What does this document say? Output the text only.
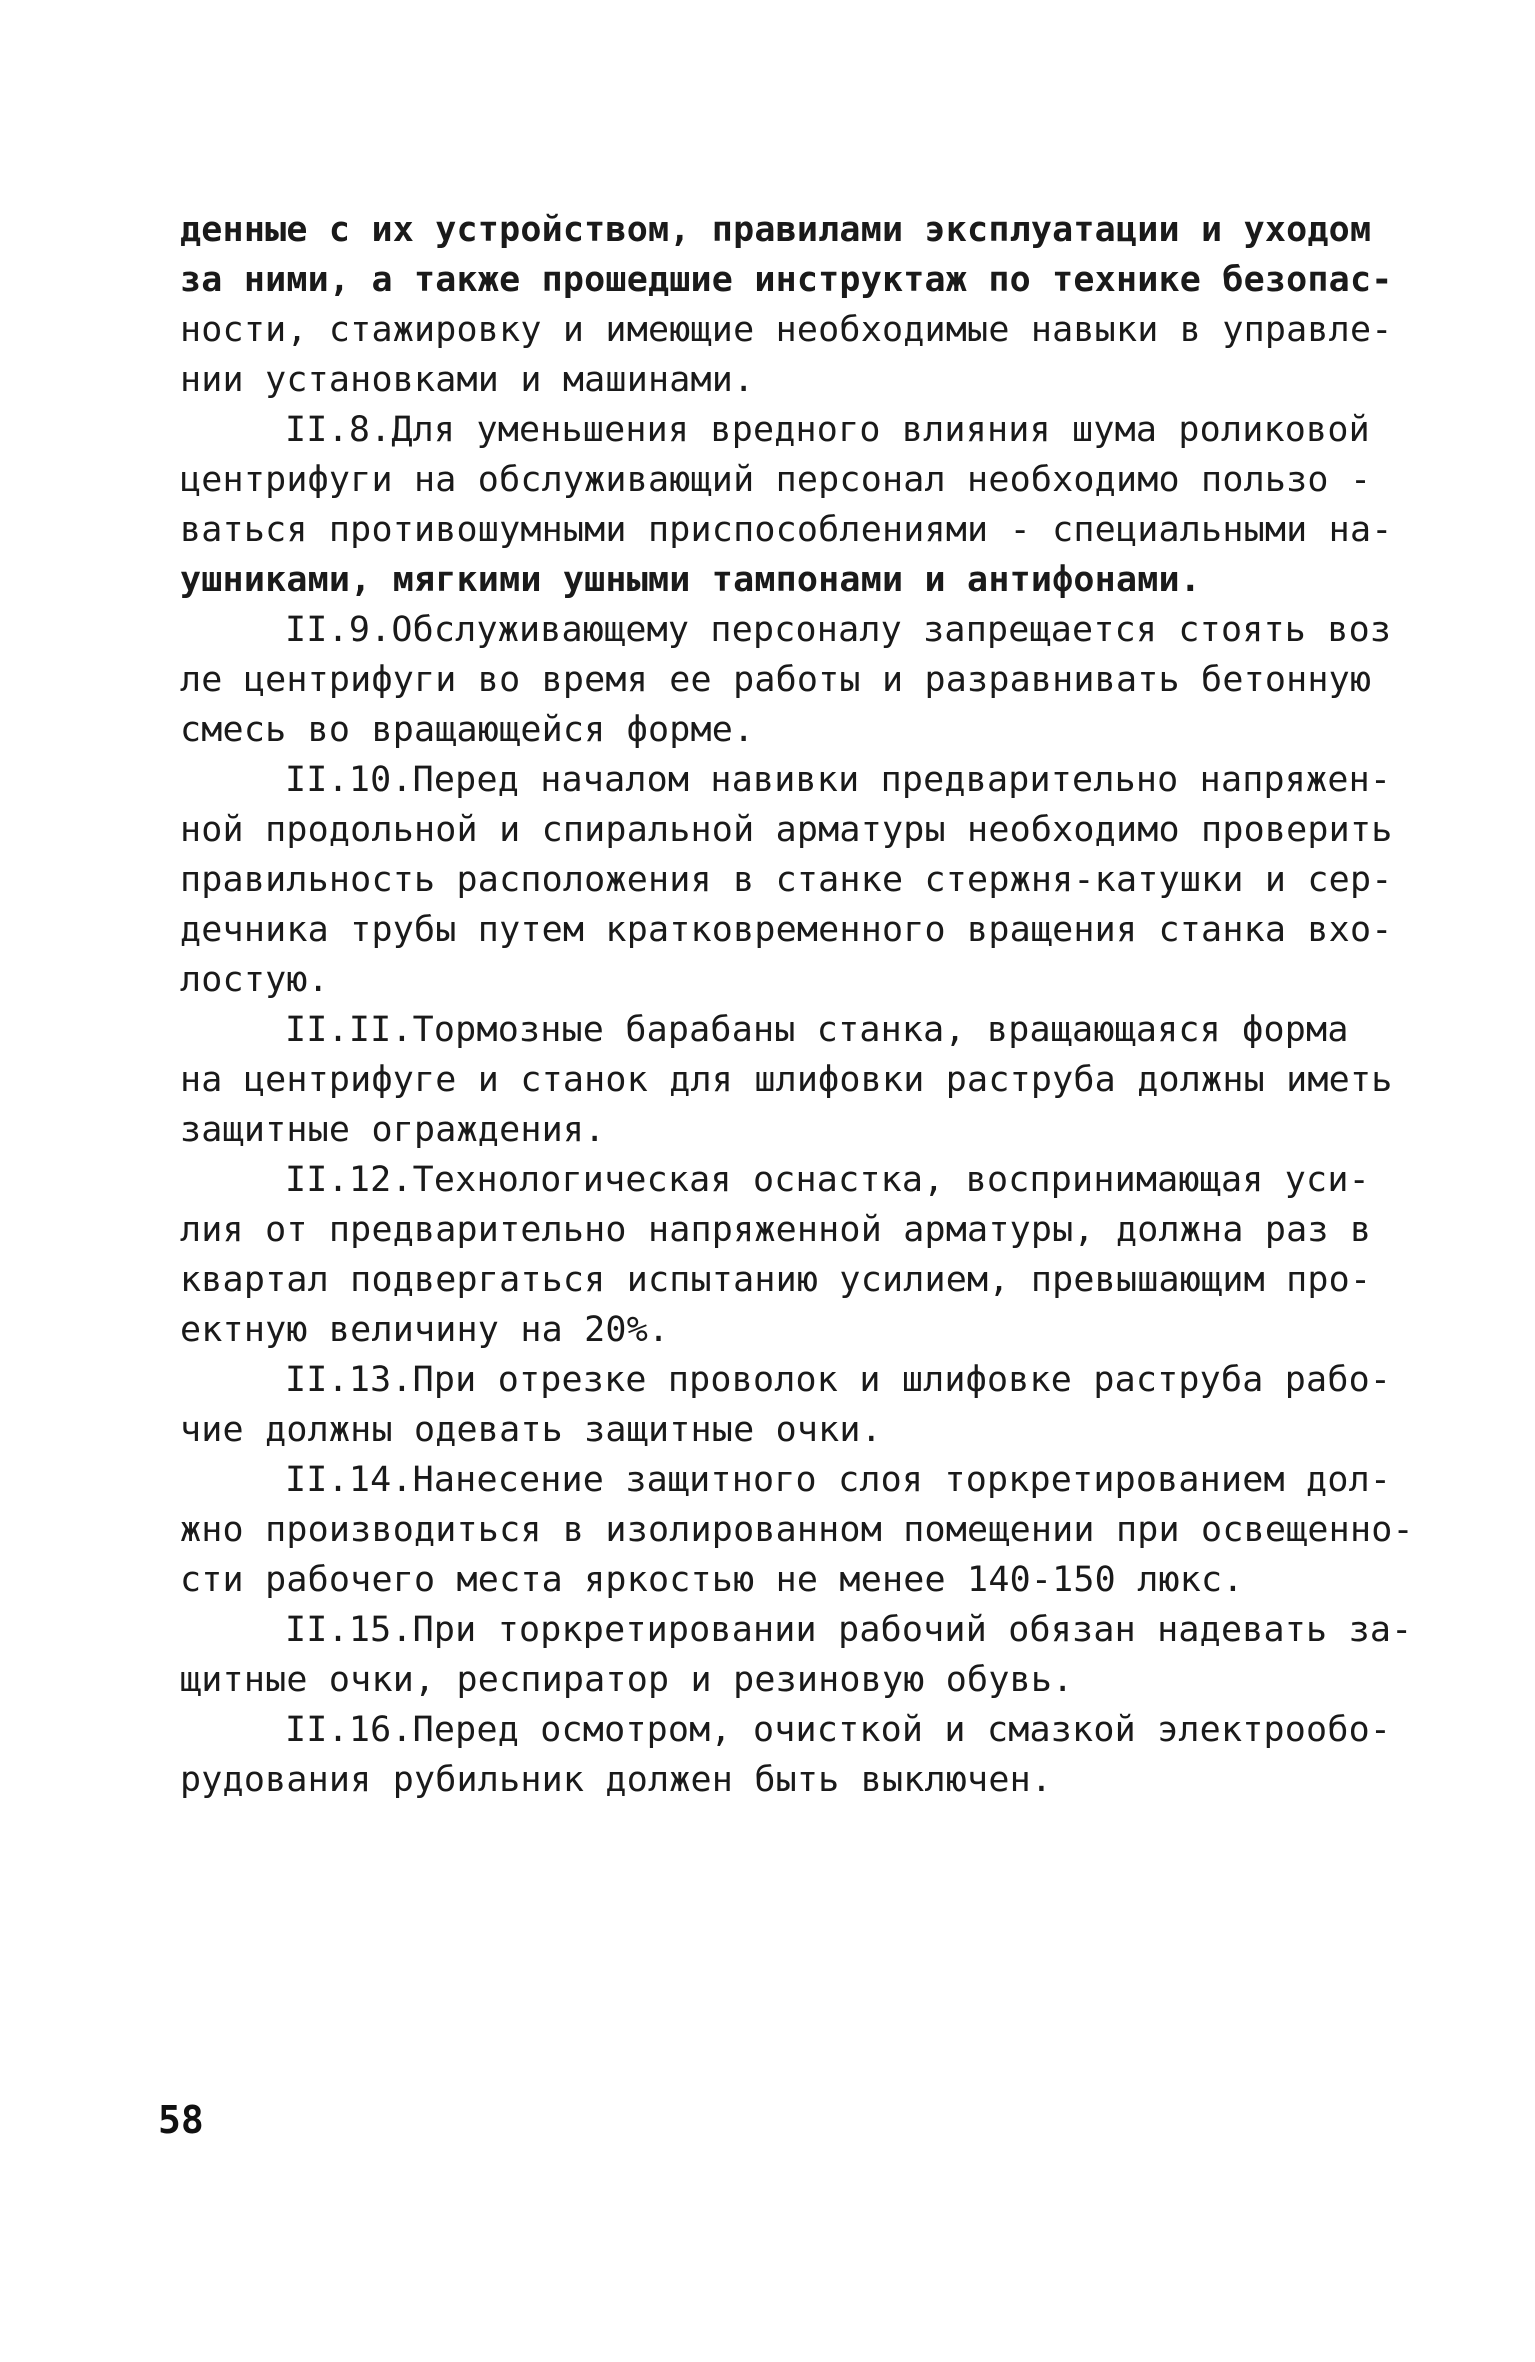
денные с их устройством, правилами эксплуатации и уходом
за ними, а также прошедшие инструктаж по технике безопас-
ности, стажировку и имеющие необходимые навыки в управле-
нии установками и машинами.
II.8.Для уменьшения вредного влияния шума роликовой
центрифуги на обслуживающий персонал необходимо пользо -
ваться противошумными приспособлениями - специальными на-
ушниками, мягкими ушными тампонами и антифонами.
II.9.Обслуживающему персоналу запрещается стоять воз
ле центрифуги во время ее работы и разравнивать бетонную
смесь во вращающейся форме.
II.10.Перед началом навивки предварительно напряжен-
ной продольной и спиральной арматуры необходимо проверить
правильность расположения в станке стержня-катушки и сер-
дечника трубы путем кратковременного вращения станка вхо-
лостую.
II.II.Тормозные барабаны станка, вращающаяся форма
на центрифуге и станок для шлифовки раструба должны иметь
защитные ограждения.
II.12.Технологическая оснастка, воспринимающая уси-
лия от предварительно напряженной арматуры, должна раз в
квартал подвергаться испытанию усилием, превышающим про-
ектную величину на 20%.
II.13.При отрезке проволок и шлифовке раструба рабо-
чие должны одевать защитные очки.
II.14.Нанесение защитного слоя торкретированием дол-
жно производиться в изолированном помещении при освещенно-
сти рабочего места яркостью не менее 140-150 люкс.
II.15.При торкретировании рабочий обязан надевать за-
щитные очки, респиратор и резиновую обувь.
II.16.Перед осмотром, очисткой и смазкой электрообо-
рудования рубильник должен быть выключен.
58
